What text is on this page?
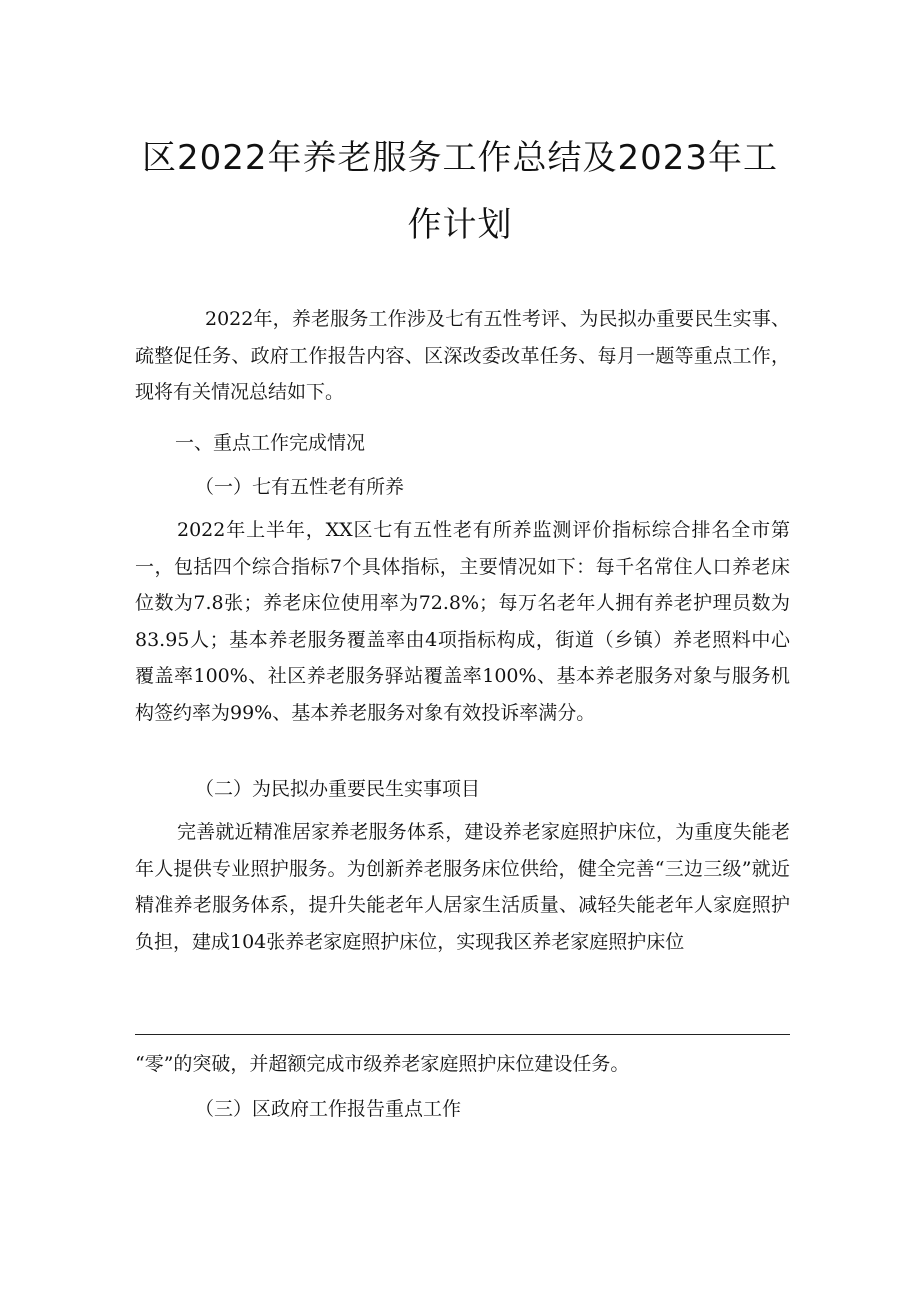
区2022年养老服务工作总结及2023年工
作计划
2022年，养老服务工作涉及七有五性考评、为民拟办重要民生实事、疏整促任务、政府工作报告内容、区深改委改革任务、每月一题等重点工作，现将有关情况总结如下。
一、重点工作完成情况
（一）七有五性老有所养
2022年上半年，XX区七有五性老有所养监测评价指标综合排名全市第一，包括四个综合指标7个具体指标，主要情况如下：每千名常住人口养老床位数为7.8张；养老床位使用率为72.8%；每万名老年人拥有养老护理员数为83.95人；基本养老服务覆盖率由4项指标构成，街道（乡镇）养老照料中心覆盖率100%、社区养老服务驿站覆盖率100%、基本养老服务对象与服务机构签约率为99%、基本养老服务对象有效投诉率满分。
（二）为民拟办重要民生实事项目
完善就近精准居家养老服务体系，建设养老家庭照护床位，为重度失能老年人提供专业照护服务。为创新养老服务床位供给，健全完善“三边三级”就近精准养老服务体系，提升失能老年人居家生活质量、减轻失能老年人家庭照护负担，建成104张养老家庭照护床位，实现我区养老家庭照护床位
“零”的突破，并超额完成市级养老家庭照护床位建设任务。
（三）区政府工作报告重点工作
